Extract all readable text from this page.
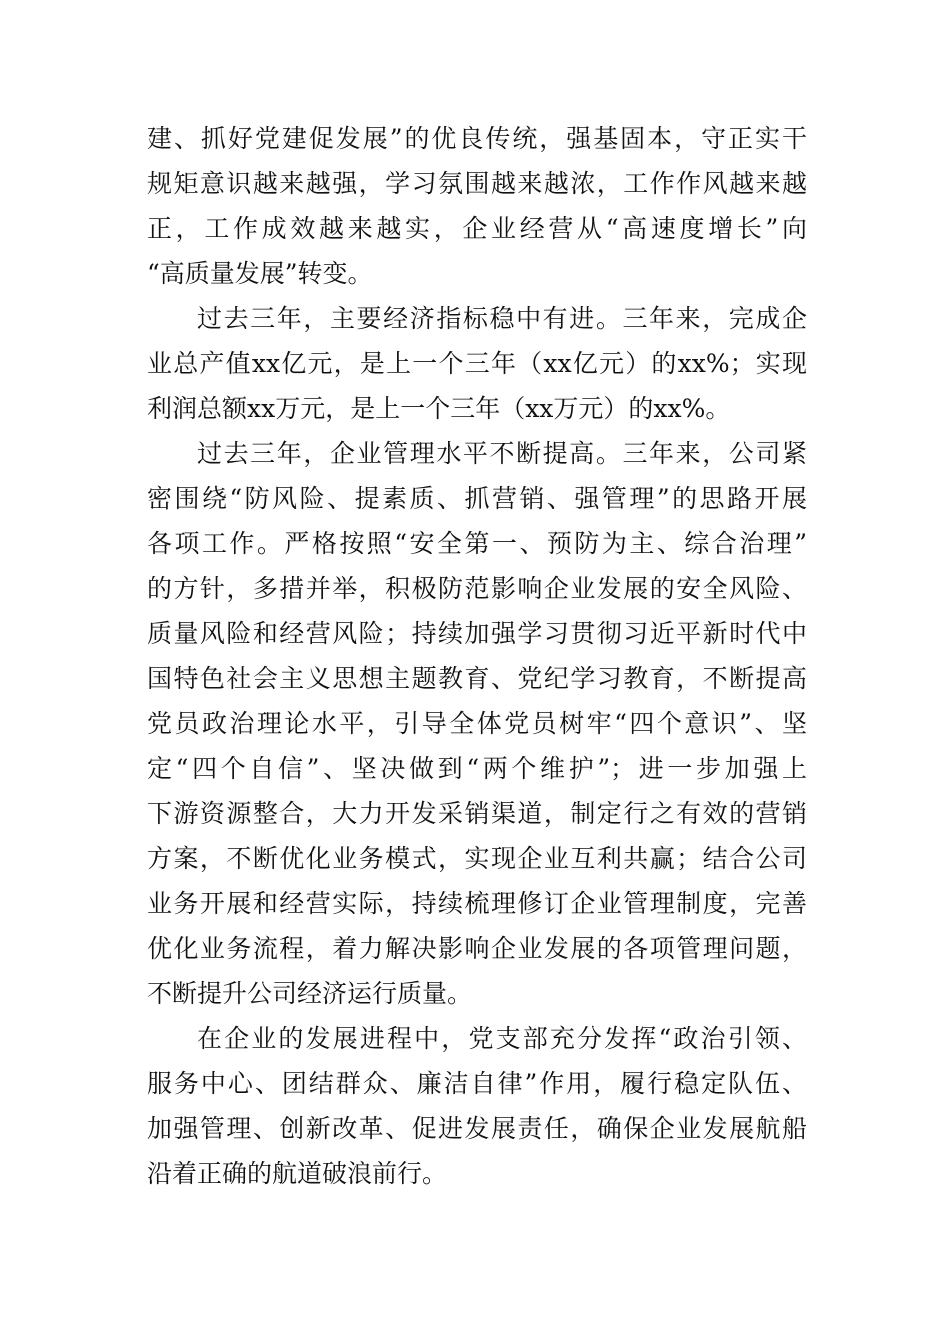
建、抓好党建促发展”的优良传统，强基固本，守正实干
规矩意识越来越强，学习氛围越来越浓，工作作风越来越
正，工作成效越来越实，企业经营从“高速度增长”向
“高质量发展”转变。
过去三年，主要经济指标稳中有进。三年来，完成企
业总产值xx亿元，是上一个三年（xx亿元）的xx%；实现
利润总额xx万元，是上一个三年（xx万元）的xx%。
过去三年，企业管理水平不断提高。三年来，公司紧
密围绕“防风险、提素质、抓营销、强管理”的思路开展
各项工作。严格按照“安全第一、预防为主、综合治理”
的方针，多措并举，积极防范影响企业发展的安全风险、
质量风险和经营风险；持续加强学习贯彻习近平新时代中
国特色社会主义思想主题教育、党纪学习教育，不断提高
党员政治理论水平，引导全体党员树牢“四个意识”、坚
定“四个自信”、坚决做到“两个维护”；进一步加强上
下游资源整合，大力开发采销渠道，制定行之有效的营销
方案，不断优化业务模式，实现企业互利共赢；结合公司
业务开展和经营实际，持续梳理修订企业管理制度，完善
优化业务流程，着力解决影响企业发展的各项管理问题，
不断提升公司经济运行质量。
在企业的发展进程中，党支部充分发挥“政治引领、
服务中心、团结群众、廉洁自律”作用，履行稳定队伍、
加强管理、创新改革、促进发展责任，确保企业发展航船
沿着正确的航道破浪前行。
